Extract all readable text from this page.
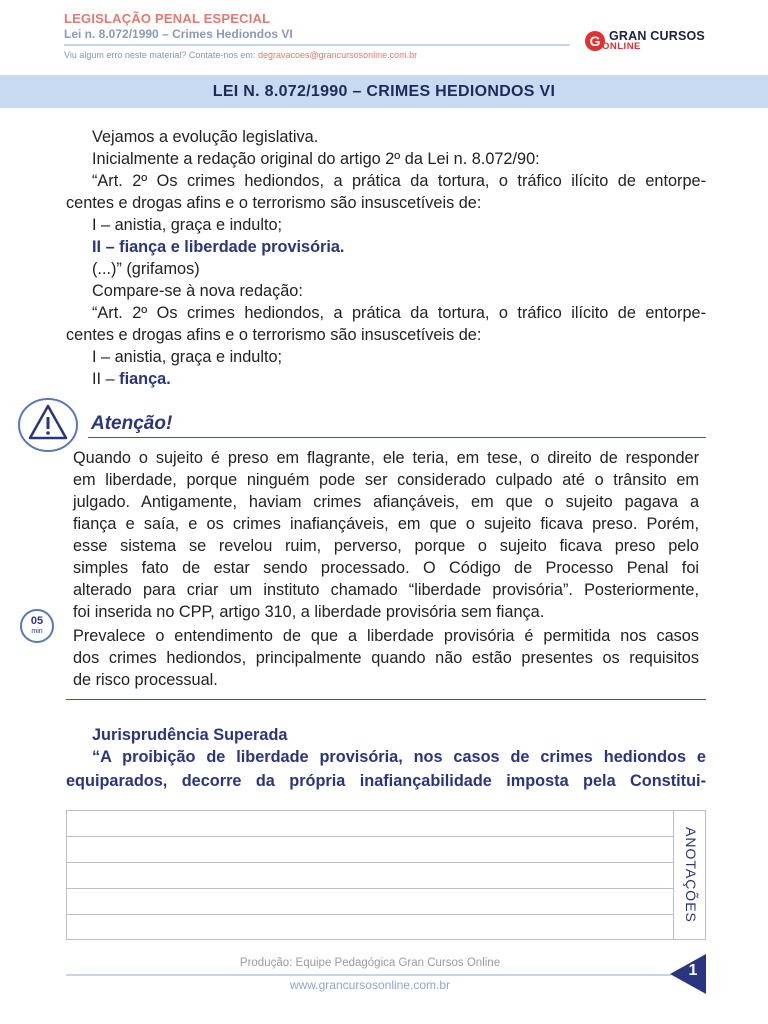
LEGISLAÇÃO PENAL ESPECIAL
Lei n. 8.072/1990 – Crimes Hediondos VI
Viu algum erro neste material? Contate-nos em: degravacoes@grancursosonline.com.br
G GRAN CURSOS
ONLINE
LEI N. 8.072/1990 – CRIMES HEDIONDOS VI
Vejamos a evolução legislativa.
Inicialmente a redação original do artigo 2º da Lei n. 8.072/90:
“Art. 2º Os crimes hediondos, a prática da tortura, o tráfico ilícito de entorpe-
centes e drogas afins e o terrorismo são insuscetíveis de:
I – anistia, graça e indulto;
II – fiança e liberdade provisória.
(...)” (grifamos)
Compare-se à nova redação:
“Art. 2º Os crimes hediondos, a prática da tortura, o tráfico ilícito de entorpe-
centes e drogas afins e o terrorismo são insuscetíveis de:
I – anistia, graça e indulto;
II – fiança.
Atenção!
Quando o sujeito é preso em flagrante, ele teria, em tese, o direito de responder
em liberdade, porque ninguém pode ser considerado culpado até o trânsito em
julgado. Antigamente, haviam crimes afiançáveis, em que o sujeito pagava a
fiança e saía, e os crimes inafiançáveis, em que o sujeito ficava preso. Porém,
esse sistema se revelou ruim, perverso, porque o sujeito ficava preso pelo
simples fato de estar sendo processado. O Código de Processo Penal foi
alterado para criar um instituto chamado “liberdade provisória”. Posteriormente,
foi inserida no CPP, artigo 310, a liberdade provisória sem fiança.
Prevalece o entendimento de que a liberdade provisória é permitida nos casos
dos crimes hediondos, principalmente quando não estão presentes os requisitos
de risco processual.
05
min
Jurisprudência Superada
“A proibição de liberdade provisória, nos casos de crimes hediondos e
equiparados, decorre da própria inafiançabilidade imposta pela Constitui-
ANOTAÇÕES
Produção: Equipe Pedagógica Gran Cursos Online
www.grancursosonline.com.br
1
